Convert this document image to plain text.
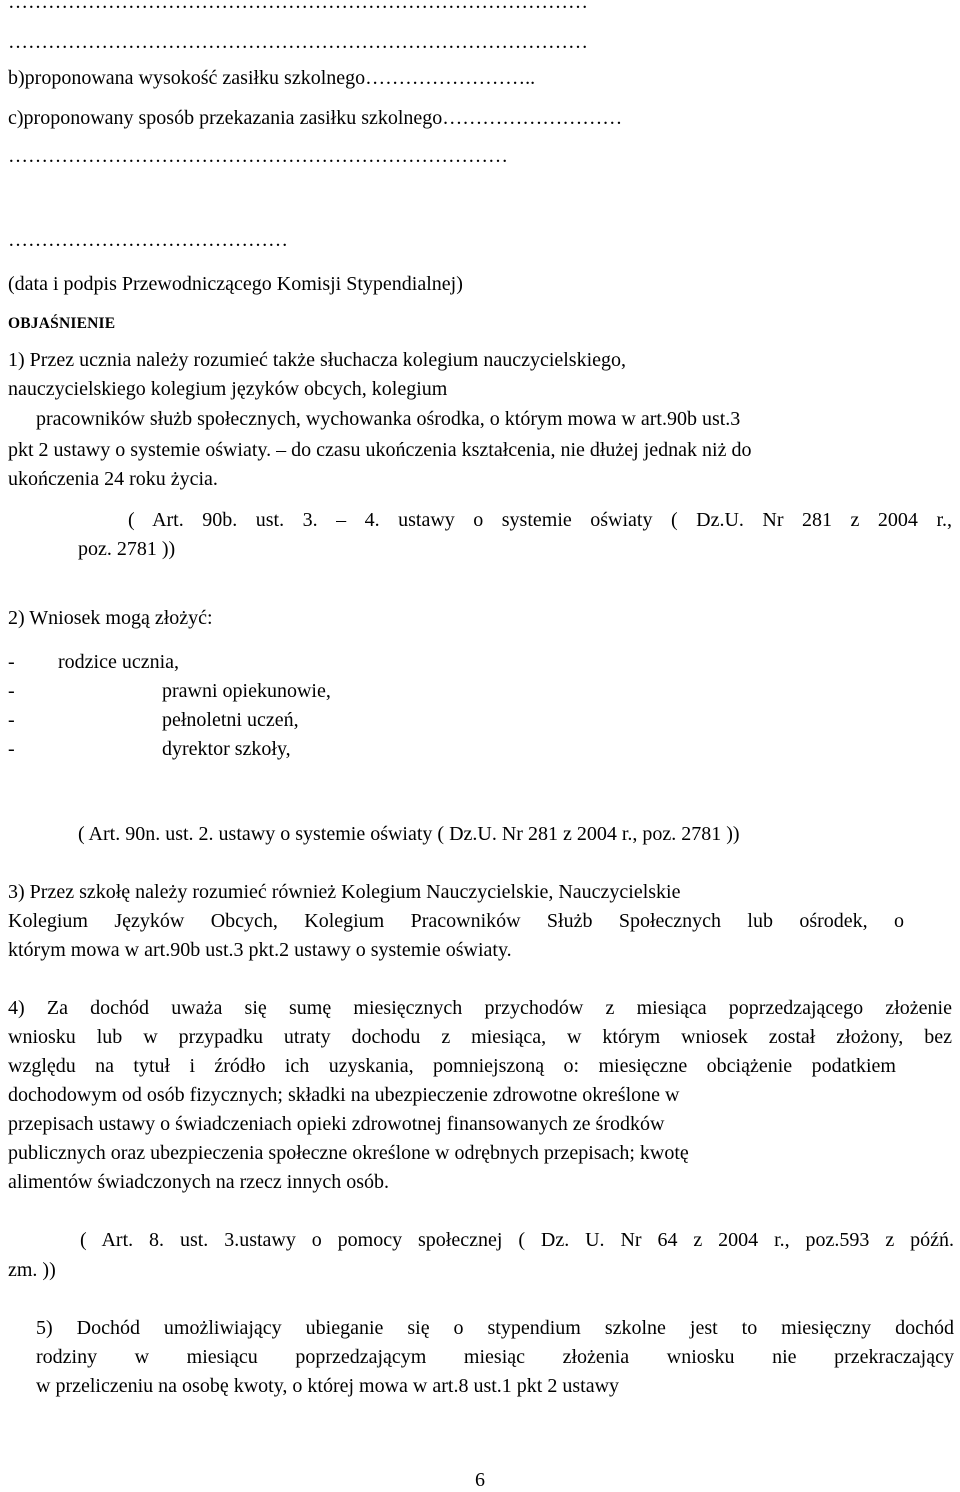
……………………………………………………………………………
……………………………………………………………………………
b)proponowana wysokość zasiłku szkolnego……………………..
c)proponowany sposób przekazania zasiłku szkolnego………………………
…………………………………………………………………
……………………………………
(data i podpis Przewodniczącego Komisji Stypendialnej)
OBJAŚNIENIE
1) Przez ucznia należy rozumieć także słuchacza kolegium nauczycielskiego,
nauczycielskiego kolegium języków obcych, kolegium
pracowników służb społecznych, wychowanka ośrodka, o którym mowa w art.90b ust.3
pkt 2 ustawy o systemie oświaty. – do czasu ukończenia kształcenia, nie dłużej jednak niż do
ukończenia 24 roku życia.
( Art. 90b. ust. 3. – 4. ustawy o systemie oświaty ( Dz.U. Nr 281 z 2004 r.,
poz. 2781 ))
2) Wniosek mogą złożyć:
- rodzice ucznia,
-	prawni opiekunowie,
-	pełnoletni uczeń,
-	dyrektor szkoły,
( Art. 90n. ust. 2. ustawy o systemie oświaty ( Dz.U. Nr 281 z 2004 r., poz. 2781 ))
3) Przez szkołę należy rozumieć również Kolegium Nauczycielskie, Nauczycielskie
Kolegium Języków Obcych, Kolegium Pracowników Służb Społecznych lub ośrodek, o
którym mowa w art.90b ust.3 pkt.2 ustawy o systemie oświaty.
4) Za dochód uważa się sumę miesięcznych przychodów z miesiąca poprzedzającego złożenie
wniosku lub w przypadku utraty dochodu z miesiąca, w którym wniosek został złożony, bez
względu na tytuł i źródło ich uzyskania, pomniejszoną o: miesięczne obciążenie podatkiem
dochodowym od osób fizycznych; składki na ubezpieczenie zdrowotne określone w
przepisach ustawy o świadczeniach opieki zdrowotnej finansowanych ze środków
publicznych oraz ubezpieczenia społeczne określone w odrębnych przepisach; kwotę
alimentów świadczonych na rzecz innych osób.
( Art. 8. ust. 3.ustawy o pomocy społecznej ( Dz. U. Nr 64 z 2004 r., poz.593 z późń.
zm. ))
5) Dochód umożliwiający ubieganie się o stypendium szkolne jest to miesięczny dochód
rodziny w miesiącu poprzedzającym miesiąc złożenia wniosku nie przekraczający
w przeliczeniu na osobę kwoty, o której mowa w art.8 ust.1 pkt 2 ustawy
6
